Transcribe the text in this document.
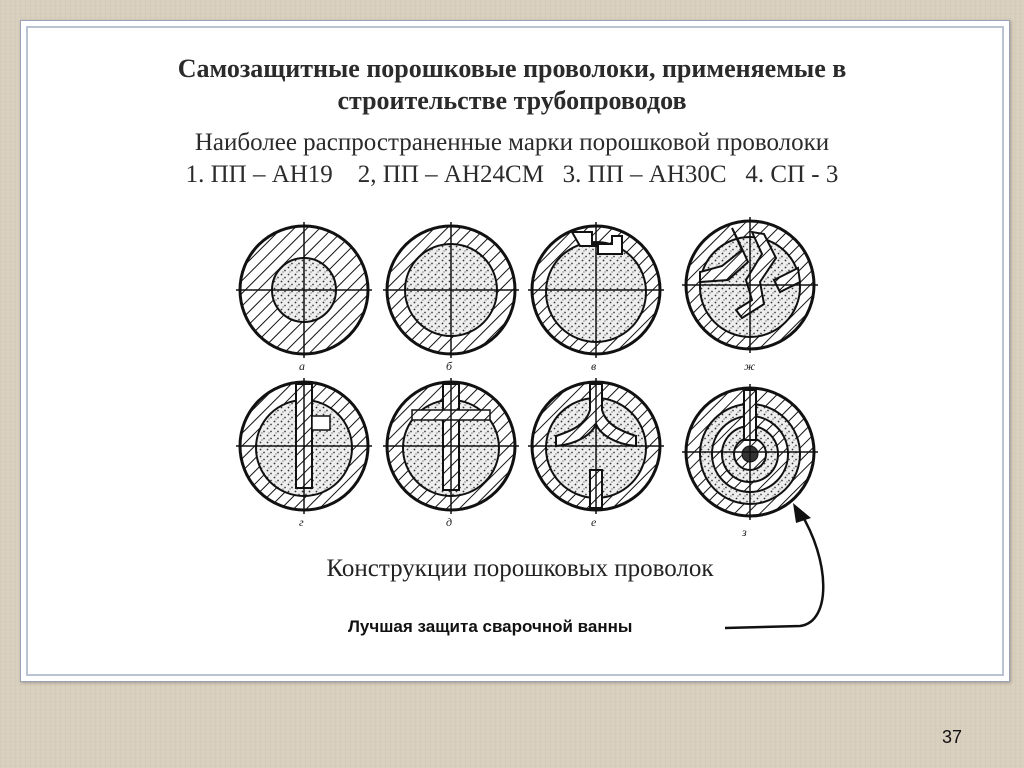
Самозащитные порошковые проволоки, применяемые в
строительстве трубопроводов
Наиболее распространенные марки порошковой проволоки
1. ПП – АН19    2, ПП – АН24СМ   3. ПП – АН30С   4. СП - 3
а	б	в	ж
г	д	е
з
Конструкции порошковых проволок
Лучшая защита сварочной ванны
37
